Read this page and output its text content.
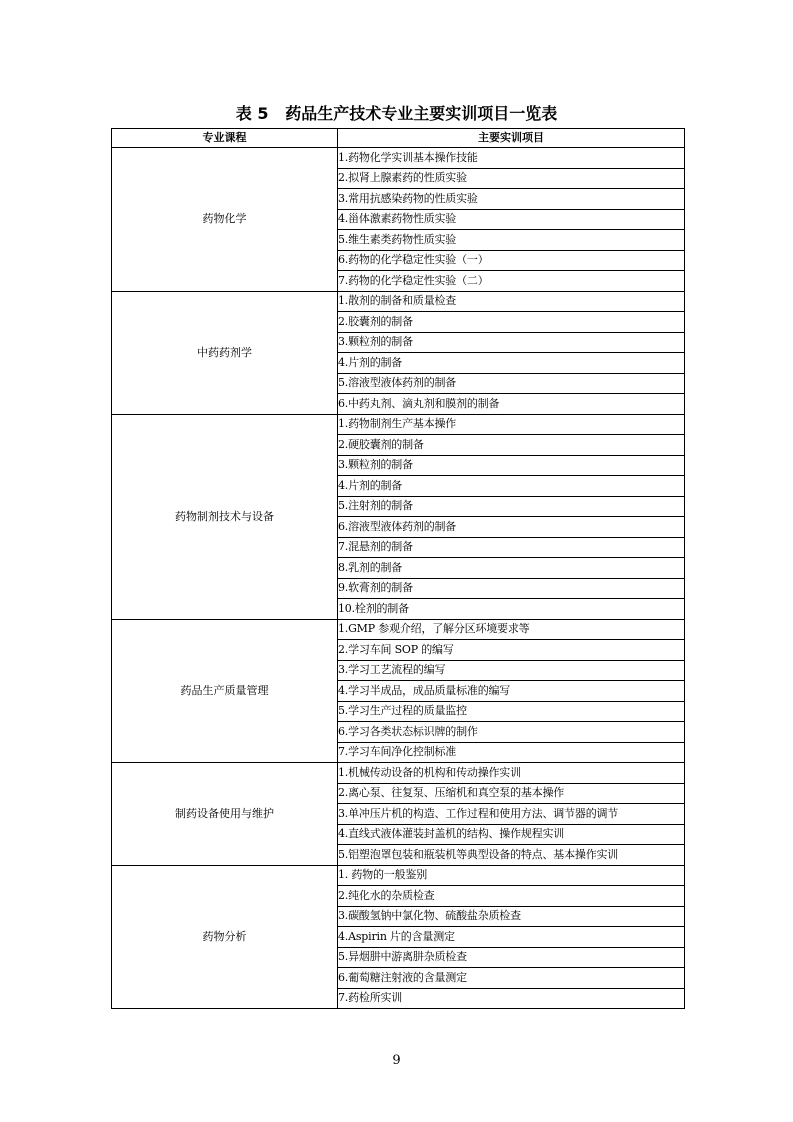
表 5   药品生产技术专业主要实训项目一览表
专业课程	主要实训项目
药物化学	1.药物化学实训基本操作技能
	2.拟肾上腺素药的性质实验
	3.常用抗感染药物的性质实验
	4.甾体激素药物性质实验
	5.维生素类药物性质实验
	6.药物的化学稳定性实验（一）
	7.药物的化学稳定性实验（二）
中药药剂学	1.散剂的制备和质量检查
	2.胶囊剂的制备
	3.颗粒剂的制备
	4.片剂的制备
	5.溶液型液体药剂的制备
	6.中药丸剂、滴丸剂和膜剂的制备
药物制剂技术与设备	1.药物制剂生产基本操作
	2.硬胶囊剂的制备
	3.颗粒剂的制备
	4.片剂的制备
	5.注射剂的制备
	6.溶液型液体药剂的制备
	7.混悬剂的制备
	8.乳剂的制备
	9.软膏剂的制备
	10.栓剂的制备
药品生产质量管理	1.GMP 参观介绍，了解分区环境要求等
	2.学习车间 SOP 的编写
	3.学习工艺流程的编写
	4.学习半成品，成品质量标准的编写
	5.学习生产过程的质量监控
	6.学习各类状态标识牌的制作
	7.学习车间净化控制标准
制药设备使用与维护	1.机械传动设备的机构和传动操作实训
	2.离心泵、往复泵、压缩机和真空泵的基本操作
	3.单冲压片机的构造、工作过程和使用方法、调节器的调节
	4.直线式液体灌装封盖机的结构、操作规程实训
	5.铝塑泡罩包装和瓶装机等典型设备的特点、基本操作实训
药物分析	1. 药物的一般鉴别
	2.纯化水的杂质检查
	3.碳酸氢钠中氯化物、硫酸盐杂质检查
	4.Aspirin 片的含量测定
	5.异烟肼中游离肼杂质检查
	6.葡萄糖注射液的含量测定
	7.药检所实训
9
